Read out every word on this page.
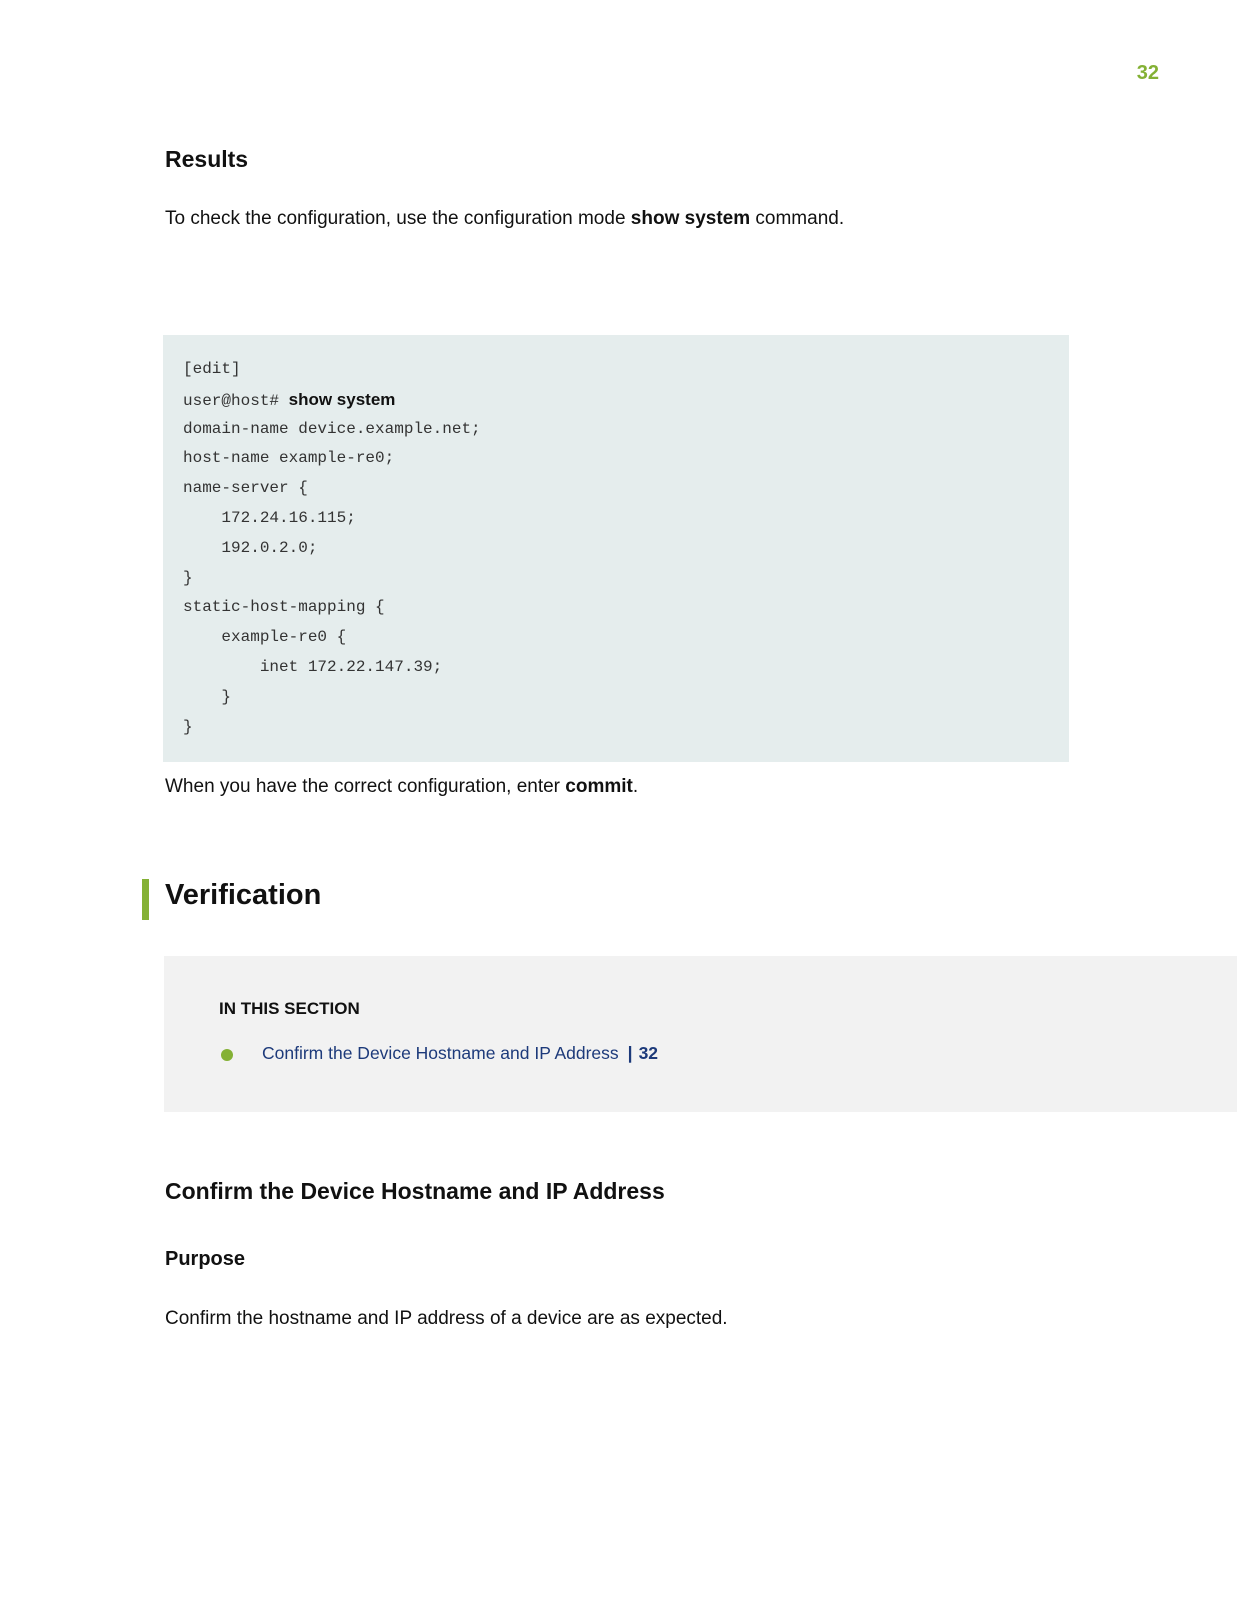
32
Results

To check the configuration, use the configuration mode show system command.

[edit]
user@host# show system
domain-name device.example.net;
host-name example-re0;
name-server {
172.24.16.115;
192.0.2.0;
}
static-host-mapping {
example-re0 {
inet 172.22.147.39;
}
}

When you have the correct configuration, enter commit.

Verification
IN THIS SECTION
Confirm the Device Hostname and IP Address | 32
Confirm the Device Hostname and IP Address
Purpose

Confirm the hostname and IP address of a device are as expected.
